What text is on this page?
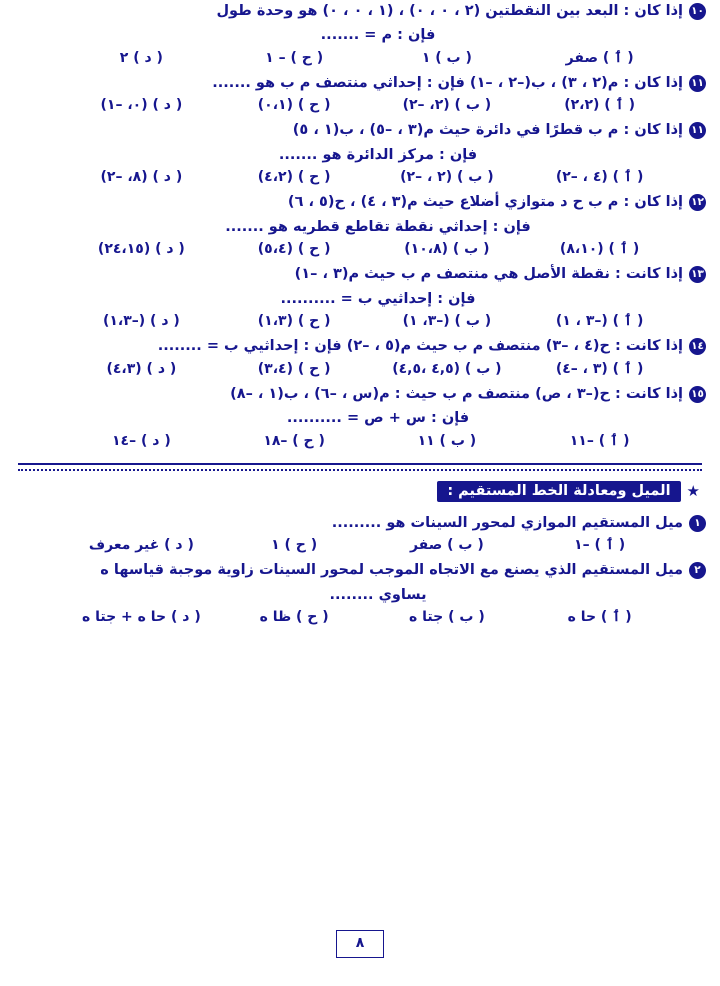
١٠
إذا كان : البعد بين النقطتين (٢ ، ٠ ، ٠) ، (١ ، ٠ ، ٠) هو وحدة طول
فإن : م = .......
( ٲ ) صفر
( ب ) ١
( ح ) – ١
( د ) ٢
١١
إذا كان : م(٢ ، ٣) ، ب(–٢ ، –١) فإن : إحداثي منتصف م ب هو .......
( ٲ ) (٢،٢)
( ب ) (٢، –٢)
( ح ) (٠،١)
( د ) (٠، –١)
١١
إذا كان : م ب قطرًا في دائرة حيث م(٣ ، –٥) ، ب(١ ، ٥)
فإن : مركز الدائرة هو .......
( ٲ ) (٤ ، –٢)
( ب ) (٢ ، –٢)
( ح ) (٤،٢)
( د ) (٨، –٢)
١٢
إذا كان : م ب ح د متوازي أضلاع حيث م(٣ ، ٤) ، ح(٥ ، ٦)
فإن : إحداثي نقطة تقاطع قطريه هو .......
( ٲ ) (٨،١٠)
( ب ) (١٠،٨)
( ح ) (٥،٤)
( د ) (٢٤،١٥)
١٣
إذا كانت : نقطة الأصل هي منتصف م ب حيث م(٣ ، –١)
فإن : إحداثيي ب = ..........
( ٲ ) (–٣ ، ١)
( ب ) (–٣، ١)
( ح ) (١،٣)
( د ) (–١،٣)
١٤
إذا كانت : ح(٤ ، –٣) منتصف م ب حيث م(٥ ، –٢) فإن : إحداثيي ب = ........
( ٲ ) (٣ ، –٤)
( ب ) (٤,٥ ،٤,٥)
( ح ) (٣،٤)
( د ) (٤،٣)
١٥
إذا كانت : ح(–٣ ، ص) منتصف م ب حيث : م(س ، –٦) ، ب(١ ، –٨)
فإن : س + ص = ..........
( ٲ ) –١١
( ب ) ١١
( ح ) –١٨
( د ) –١٤
★
الميل ومعادلة الخط المستقيم :
١
ميل المستقيم الموازي لمحور السينات هو .........
( ٲ ) –١
( ب ) صفر
( ح ) ١
( د ) غير معرف
٢
ميل المستقيم الذي يصنع مع الاتجاه الموجب لمحور السينات زاوية موجبة قياسها ه
يساوي ........
( ٲ ) حا ه
( ب ) جتا ه
( ح ) ظا ه
( د ) حا ه + جتا ه
٨
